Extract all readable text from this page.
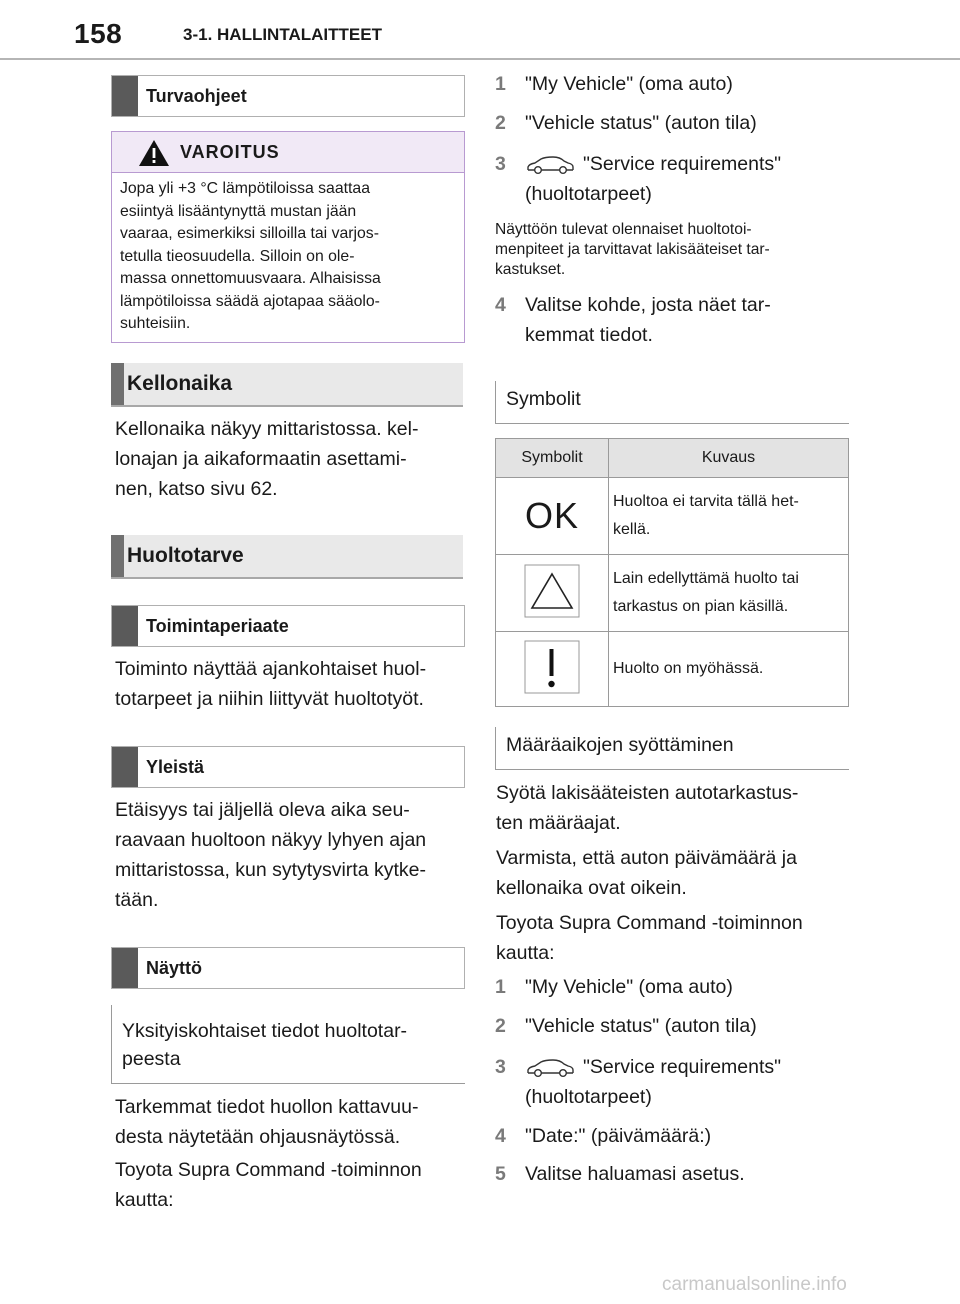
158	3-1. HALLINTALAITTEET
Turvaohjeet
VAROITUS
Jopa yli +3 °C lämpötiloissa saattaa
esiintyä lisääntynyttä mustan jään
vaaraa, esimerkiksi silloilla tai varjos-
tetulla tieosuudella. Silloin on ole-
massa onnettomuusvaara. Alhaisissa
lämpötiloissa säädä ajotapaa sääolo-
suhteisiin.
Kellonaika
Kellonaika näkyy mittaristossa. kel-
lonajan ja aikaformaatin asettami-
nen, katso sivu 62.
Huoltotarve
Toimintaperiaate
Toiminto näyttää ajankohtaiset huol-
totarpeet ja niihin liittyvät huoltotyöt.
Yleistä
Etäisyys tai jäljellä oleva aika seu-
raavaan huoltoon näkyy lyhyen ajan
mittaristossa, kun sytytysvirta kytke-
tään.
Näyttö
Yksityiskohtaiset tiedot huoltotar-
peesta
Tarkemmat tiedot huollon kattavuu-
desta näytetään ohjausnäytössä.
Toyota Supra Command -toiminnon
kautta:
1 "My Vehicle" (oma auto)
2 "Vehicle status" (auton tila)
3	"Service requirements"
(huoltotarpeet)
Näyttöön tulevat olennaiset huoltotoi-
menpiteet ja tarvittavat lakisääteiset tar-
kastukset.
4 Valitse kohde, josta näet tar-
kemmat tiedot.
Symbolit
Symbolit	Kuvaus
OK	Huoltoa ei tarvita tällä het-
kellä.

Lain edellyttämä huolto tai
tarkastus on pian käsillä.

Huolto on myöhässä.
Määräaikojen syöttäminen
Syötä lakisääteisten autotarkastus-
ten määräajat.
Varmista, että auton päivämäärä ja
kellonaika ovat oikein.
Toyota Supra Command -toiminnon
kautta:
1 "My Vehicle" (oma auto)
2 "Vehicle status" (auton tila)
3	"Service requirements"
(huoltotarpeet)
4 "Date:" (päivämäärä:)
5 Valitse haluamasi asetus.
carmanualsonline.info
